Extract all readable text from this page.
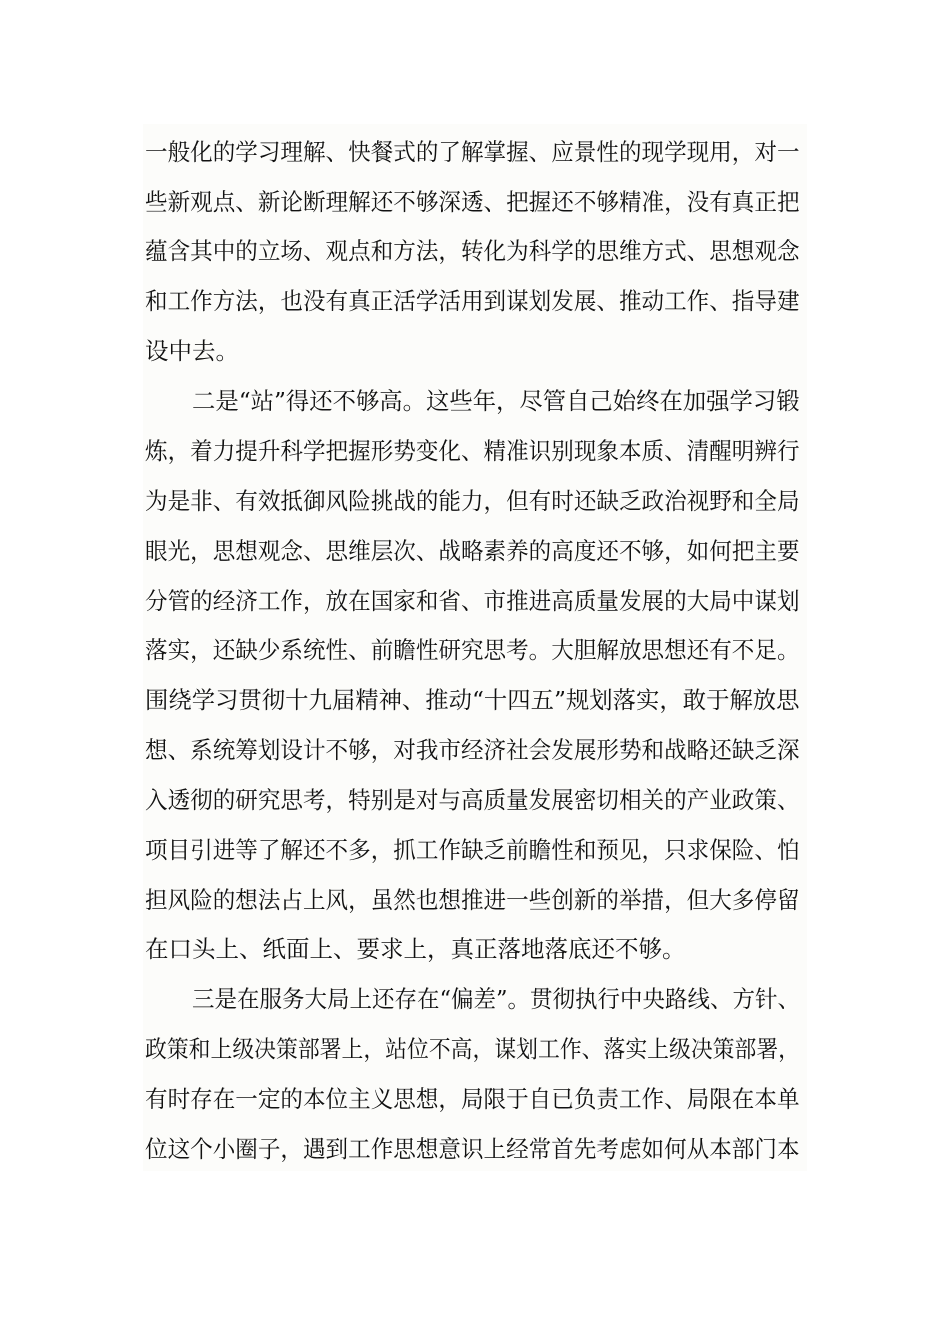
一般化的学习理解、快餐式的了解掌握、应景性的现学现用，对一
些新观点、新论断理解还不够深透、把握还不够精准，没有真正把
蕴含其中的立场、观点和方法，转化为科学的思维方式、思想观念
和工作方法，也没有真正活学活用到谋划发展、推动工作、指导建
设中去。
二是“站”得还不够高。这些年，尽管自己始终在加强学习锻
炼，着力提升科学把握形势变化、精准识别现象本质、清醒明辨行
为是非、有效抵御风险挑战的能力，但有时还缺乏政治视野和全局
眼光，思想观念、思维层次、战略素养的高度还不够，如何把主要
分管的经济工作，放在国家和省、市推进高质量发展的大局中谋划
落实，还缺少系统性、前瞻性研究思考。大胆解放思想还有不足。
围绕学习贯彻十九届精神、推动“十四五”规划落实，敢于解放思
想、系统筹划设计不够，对我市经济社会发展形势和战略还缺乏深
入透彻的研究思考，特别是对与高质量发展密切相关的产业政策、
项目引进等了解还不多，抓工作缺乏前瞻性和预见，只求保险、怕
担风险的想法占上风，虽然也想推进一些创新的举措，但大多停留
在口头上、纸面上、要求上，真正落地落底还不够。
三是在服务大局上还存在“偏差”。贯彻执行中央路线、方针、
政策和上级决策部署上，站位不高，谋划工作、落实上级决策部署，
有时存在一定的本位主义思想，局限于自已负责工作、局限在本单
位这个小圈子，遇到工作思想意识上经常首先考虑如何从本部门本
